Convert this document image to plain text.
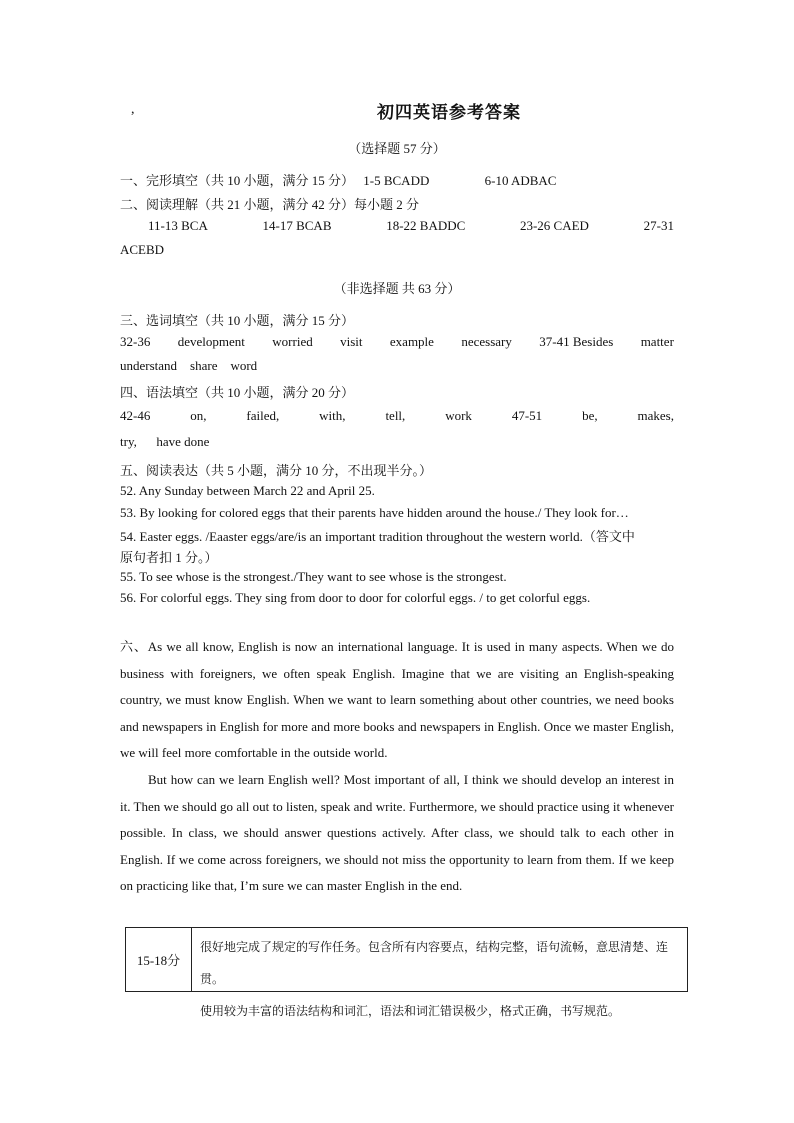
,	初四英语参考答案
（选择题 57 分）
一、完形填空（共 10 小题，满分 15 分） 1-5 BCADD	6-10 ADBAC
二、阅读理解（共 21 小题，满分 42 分）每小题 2 分
11-13 BCA	14-17 BCAB	18-22 BADDC	23-26 CAED	27-31
ACEBD
（非选择题 共 63 分）
三、选词填空（共 10 小题，满分 15 分）
32-36 development worried visit example necessary 37-41 Besides matter
understand    share    word
四、语法填空（共 10 小题，满分 20 分）
42-46	on,	failed,	with,	tell,	work	47-51	be,	makes,
try,      have done
五、阅读表达（共 5 小题，满分 10 分，不出现半分。）
52. Any Sunday between March 22 and April 25.
53. By looking for colored eggs that their parents have hidden around the house./ They look for…
54. Easter eggs. /Eaaster eggs/are/is an important tradition throughout the western world.（答文中
原句者扣 1 分。）
55. To see whose is the strongest./They want to see whose is the strongest.
56. For colorful eggs. They sing from door to door for colorful eggs. / to get colorful eggs.

六、As we all know, English is now an international language. It is used in many aspects. When we do business with foreigners, we often speak English. Imagine that we are visiting an English-speaking country, we must know English. When we want to learn something about other countries, we need books and newspapers in English for more and more books and newspapers in English. Once we master English, we will feel more comfortable in the outside world.

But how can we learn English well? Most important of all, I think we should develop an interest in it. Then we should go all out to listen, speak and write. Furthermore, we should practice using it whenever possible. In class, we should answer questions actively. After class, we should talk to each other in English. If we come across foreigners, we should not miss the opportunity to learn from them. If we keep on practicing like that, I’m sure we can master English in the end.

15-18分
很好地完成了规定的写作任务。包含所有内容要点，结构完整，语句流畅，意思清楚、连贯。
使用较为丰富的语法结构和词汇，语法和词汇错误极少，格式正确，书写规范。
